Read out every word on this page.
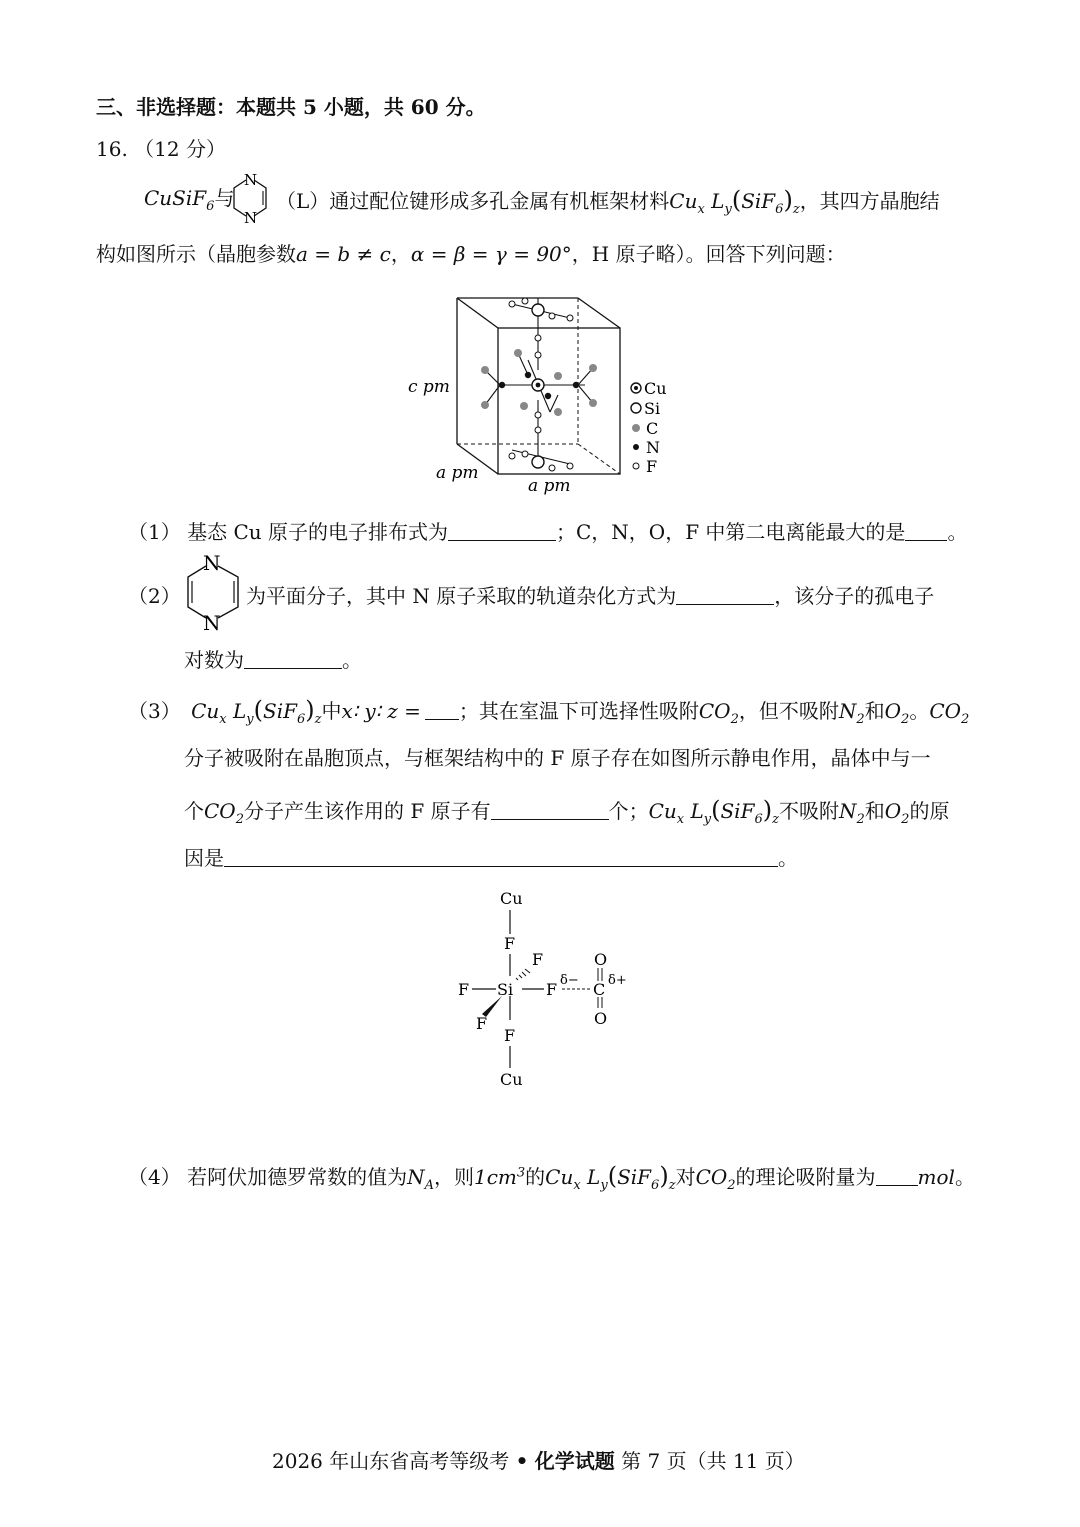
三、非选择题：本题共 5 小题，共 60 分。
16. （12 分）
CuSiF$_6$与
N
N
（L）通过配位键形成多孔金属有机框架材料$Cu_x$ $L_y(SiF_6)_z$，其四方晶胞结
构如图所示（晶胞参数a = b ≠ c，α = β = γ = 90°，H 原子略）。回答下列问题：
c pm
a pm
a pm
Cu
Si
C
N
F
（1） 基态 Cu 原子的电子排布式为	；C，N，O，F 中第二电离能最大的是 。
（2）
N
N
为平面分子，其中 N 原子采取的轨道杂化方式为	，该分子的孤电子
对数为	。
（3） $Cu_x$ $L_y(SiF_6)_z$中x∶ y∶ z = ；其在室温下可选择性吸附$CO_2$，但不吸附$N_2$和$O_2$。$CO_2$
分子被吸附在晶胞顶点，与框架结构中的 F 原子存在如图所示静电作用，晶体中与一
个$CO_2$分子产生该作用的 F 原子有	个；$Cu_x$ $L_y(SiF_6)_z$不吸附$N_2$和$O_2$的原
因是	。
Cu
F
F
F Si F δ− C δ+
O
O
F
F
Cu
（4） 若阿伏加德罗常数的值为$N_A$，则$1cm^3$的$Cu_x$ $L_y(SiF_6)_z$对$CO_2$的理论吸附量为 mol。
2026 年山东省高考等级考 • 化学试题 第 7 页（共 11 页）
